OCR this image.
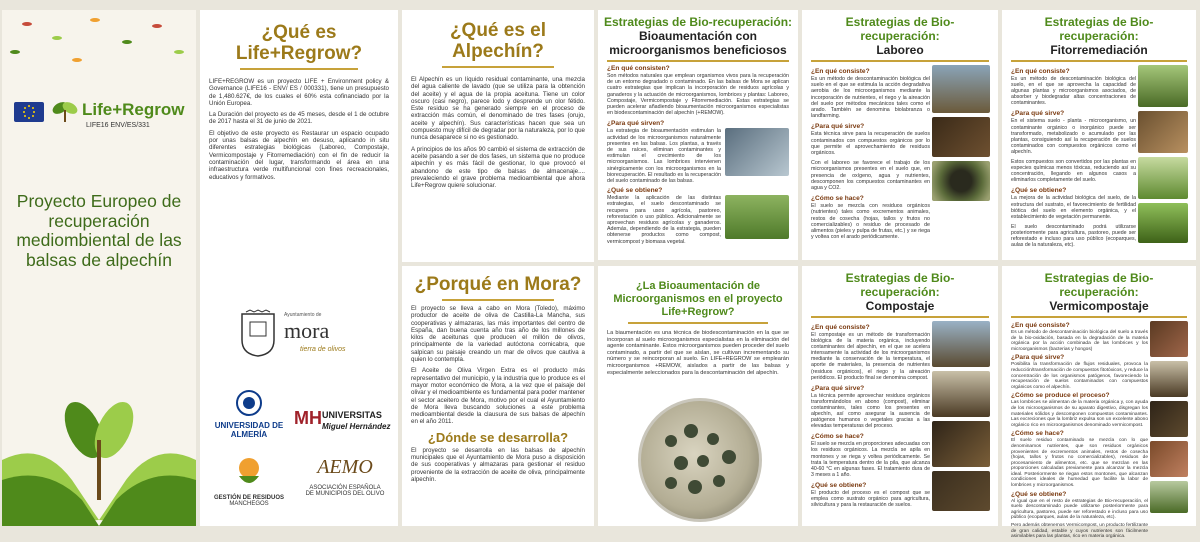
Life+Regrow
LIFE16 ENV/ES/331
Proyecto Europeo de recuperación mediombiental de las balsas de alpechín
¿Qué es Life+Regrow?

LIFE+REGROW es un proyecto LIFE + Environment policy & Governance (LIFE16 - ENV/ ES / 000331), tiene un presupuesto de 1,480.627€, de los cuales el 60% esta cofinanciado por la Unión Europea.

La Duración del proyecto es de 45 meses, desde el 1 de octubre de 2017 hasta el 31 de junio de 2021.

El objetivo de este proyecto es Restaurar un espacio ocupado por unas balsas de alpechín en desuso, aplicando in situ diferentes estrategias biológicas (Laboreo, Compostaje, Vermicompostaje y Fitorremediación) con el fin de reducir la contaminación del lugar, transformando el área en una infraestructura verde multifuncional con fines recreacionales, educativos y formativos.

Ayuntamiento de
mora
tierra de olivos
UNIVERSIDAD DE ALMERÍA
MH UNIVERSITAS
Miguel Hernández
GESTIÓN DE RESIDUOS
MANCHEGOS
AEMO
ASOCIACIÓN ESPAÑOLA
DE MUNICIPIOS DEL OLIVO
¿Qué es el Alpechín?

El Alpechín es un líquido residual contaminante, una mezcla del agua caliente de lavado (que se utiliza para la obtención del aceite) y el agua de la propia aceituna. Tiene un color oscuro (casi negro), parece lodo y desprende un olor fétido. Este residuo se ha generado siempre en el proceso de extracción más común, el denominado de tres fases (orujo, aceite y alpechín). Sus características hacen que sea un compuesto muy difícil de degradar por la naturaleza, por lo que nunca desaparece si no es gestionado.

A principios de los años 90 cambió el sistema de extracción de aceite pasando a ser de dos fases, un sistema que no produce alpechín y es más fácil de gestionar, lo que provocó el abandono de este tipo de balsas de almacenaje.... prevaleciendo el grave problema medioambiental que ahora Life+Regrow quiere solucionar.

¿Porqué en Mora?

El proyecto se lleva a cabo en Mora (Toledo), máximo productor de aceite de oliva de Castilla-La Mancha, sus cooperativas y almazaras, las más importantes del centro de España, dan buena cuenta año tras año de los millones de kilos de aceitunas que producen el millón de olivos, principalmente de la variedad autóctona cornicabra, que salpican su paisaje creando un mar de olivos que cautiva a quien lo contempla.

El Aceite de Oliva Virgen Extra es el producto más representativo del municipio, y la industria que lo produce es el mayor motor económico de Mora, a la vez que el paisaje del olivar y el medioambiente es fundamental para poder mantener el sector aceitero de Mora, motivo por el cual el Ayuntamiento de Mora lleva buscando soluciones a este problema medioambiental desde la clausura de sus balsas de alpechín en el año 2011.

¿Dónde se desarrolla?

El proyecto se desarrolla en las balsas de alpechín municipales que el Ayuntamiento de Mora puso a disposición de sus cooperativas y almazaras para gestionar el residuo proveniente de la extracción de aceite de oliva, principalmente alpechín.

Estrategias de Bio-recuperación:
Bioaumentación con microorganismos beneficiosos
¿En qué consisten?

Son métodos naturales que emplean organismos vivos para la recuperación de un entorno degradado o contaminado. En las balsas de Mora se aplican cuatro estrategias que implican la incorporación de residuos agrícolas y ganaderos y la actuación de microorganismos, lombrices y plantas: Laboreo, Compostaje, Vermicompostaje y Fitorremediación. Estas estrategias se pueden acelerar añadiendo bioaumentación microorganismos especialistas en biodescontaminación del alpechín (+REMOW).

¿Para qué sirven?

La estrategia de bioaumentación estimulan la actividad de los microorganismos naturalmente presentes en las balsas. Los plantas, a través de sus raíces, eliminan contaminantes y estimulan el crecimiento de los microorganismos. Las lombrices intervienen sinérgicamente con los microorganismos en la biorecuperación. El resultado es la recuperación del suelo contaminado de las balsas.

¿Qué se obtiene?

Mediante la aplicación de las distintas estrategias, el suelo descontaminado se recupera para usos agrícola, pastoreo, reforestación o uso público. Adicionalmente se aprovechan residuos agrícolas y ganaderos. Además, dependiendo de la estrategia, pueden obtenerse productos como compost, vermicompost y biomasa vegetal.

¿La Bioaumentación de Microorganismos en el proyecto Life+Regrow?

La biaumentación es una técnica de biodescontaminación en la que se incorporan al suelo microorganismos especialistas en la eliminación del agente contaminante. Estos microorganismos pueden proceder del suelo contaminado, a partir del que se aíslan, se cultivan incrementando su número y se reincorporan al suelo. En LIFE+REGROW se emplearán microorganismos +REMOW, aislados a partir de las balsas y especialmente seleccionados para la descontaminación del alpechín.

Estrategias de Bio-recuperación:
Laboreo
¿En qué consiste?

Es un método de descontaminación biológica del suelo en el que se estimula la acción degradativa aerobia de los microorganismos mediante la incorporación de nutrientes, el riego y la aireación del suelo por métodos mecánicos tales como el arado. También se denomina biolabranza o landfarming.

¿Para qué sirve?

Esta técnica sirve para la recuperación de suelos contaminados con compuestos orgánicos por lo que permite el aprovechamiento de residuos orgánicos.

Con el laboreo se favorece el trabajo de los microorganismos presentes en el suelo que, en presencia de oxígeno, agua y nutrientes, descomponen los compuestos contaminantes en agua y CO2.

¿Cómo se hace?

El suelo se mezcla con residuos orgánicos (nutrientes) tales como excrementos animales, restos de cosecha (hojas, tallos y frutos no comercializables) o residuo de procesado de alimentos (pieles y pulpa de frutas, etc.) y se riega y voltea con el arado periódicamente.

Estrategias de Bio-recuperación:
Compostaje
¿En qué consiste?

El compostaje es un método de transformación biológica de la materia orgánica, incluyendo contaminantes del alpechín, en el que se acelera intensamente la actividad de los microorganismos mediante la conservación de la temperatura, el aporte de materiales, la presencia de nutrientes (residuos orgánicos), el riego y la aireación periódicos. El producto final se denomina compost.

¿Para qué sirve?

La técnica permite aprovechar residuos orgánicos transformándolos en abono (compost), eliminar contaminantes, tales como los presentes en alpechín, así como asegurar la ausencia de patógenos humanos o vegetales gracias a las elevadas temperaturas del proceso.

¿Cómo se hace?

El suelo se mezcla en proporciones adecuadas con los residuos orgánicos. La mezcla se apila en montones y se riega y voltea periódicamente. Se trata la temperatura dentro de la pila, que alcanza 40-60 °C en algunas fases. El tratamiento dura de 3 meses a 1 año.

¿Qué se obtiene?

El producto del proceso es el compost que se emplea como sustrato orgánico para agricultura, silvicultura y para la restauración de suelos.

Estrategias de Bio-recuperación:
Fitorremediación
¿En qué consiste?

Es un método de descontaminación biológica del suelo, en el que se aprovecha la capacidad de algunas plantas y microorganismos asociados, de absorber y biodegradar altas concentraciones de contaminantes.

¿Para qué sirve?

En el sistema suelo - planta - microorganismo, un contaminante orgánico o inorgánico puede ser transformado, metabolizado o acumulado por las plantas, consiguiendo así la recuperación de suelos contaminados con compuestos orgánicos como el alpechín.

Estos compuestos son convertidos por las plantas en especies químicas menos tóxicas, reduciendo así su concentración, llegando en algunos casos a eliminarlos completamente del suelo.

¿Qué se obtiene?

La mejora de la actividad biológica del suelo, de la estructura del sustrato, el favorecimiento de fertilidad biótica del suelo en elemento orgánica, y el establecimiento de vegetación permanente.

El suelo descontaminado podrá utilizarse posteriormente para agricultura, pastoreo, puede ser reforestado e incluso para uso público (ecoparques, aulas de la naturaleza, etc).

Estrategias de Bio-recuperación:
Vermicompostaje
¿En qué consiste?

Es un método de descontaminación biológica del suelo a través de la bio-oxidación, basada en la degradación de la materia orgánica por la acción combinada de las lombrices y los microorganismos (bacterias y hongos)

¿Para qué sirve?

Posibilita la transformación de flujos residuales, provoca la reducción/transformación de compuestos fitotóxicos, y reduce la concentración de los organismos patógenos, favoreciendo la recuperación de suelos contaminados con compuestos orgánicos como el alpechín.

¿Cómo se produce el proceso?

Las lombrices se alimentan de la materia orgánica y, con ayuda de los microorganismos de su aparato digestivo, disgregan los materiales sólidos y descomponen compuestos contaminantes. Las excreciones que la lombriz expulsa son un excelente abono orgánico rico en microorganismos denominado vermicompost.

¿Cómo se hace?

El suelo residuo contaminado se mezcla con lo que denominamos nutrientes, que son residuos orgánicos provenientes de excrementos animales, restos de cosecha (hojas, tallos y frutos no comercializables), residuos de procesamiento de alimentos, etc. que se mezclan en las proporciones calculadas previamente para alcanzar la mezcla ideal. Posteriormente se riegan estos montones, que alcanzan condiciones ideales de humedad que facilite la labor de lombrices y microorganismos.

¿Qué se obtiene?

Al igual que en el resto de estrategias de Bio-recuperación, el suelo descontaminado puede utilizarse posteriormente para agricultura, pastoreo, puede ser reforestado e incluso para uso público (ecoparques, aulas de la naturaleza, etc).

Pero además obtenemos Vermicompost, un producto fertilizante de gran calidad, estable y cuyos nutrientes son fácilmente asimilables para las plantas, rico en materia orgánica.
